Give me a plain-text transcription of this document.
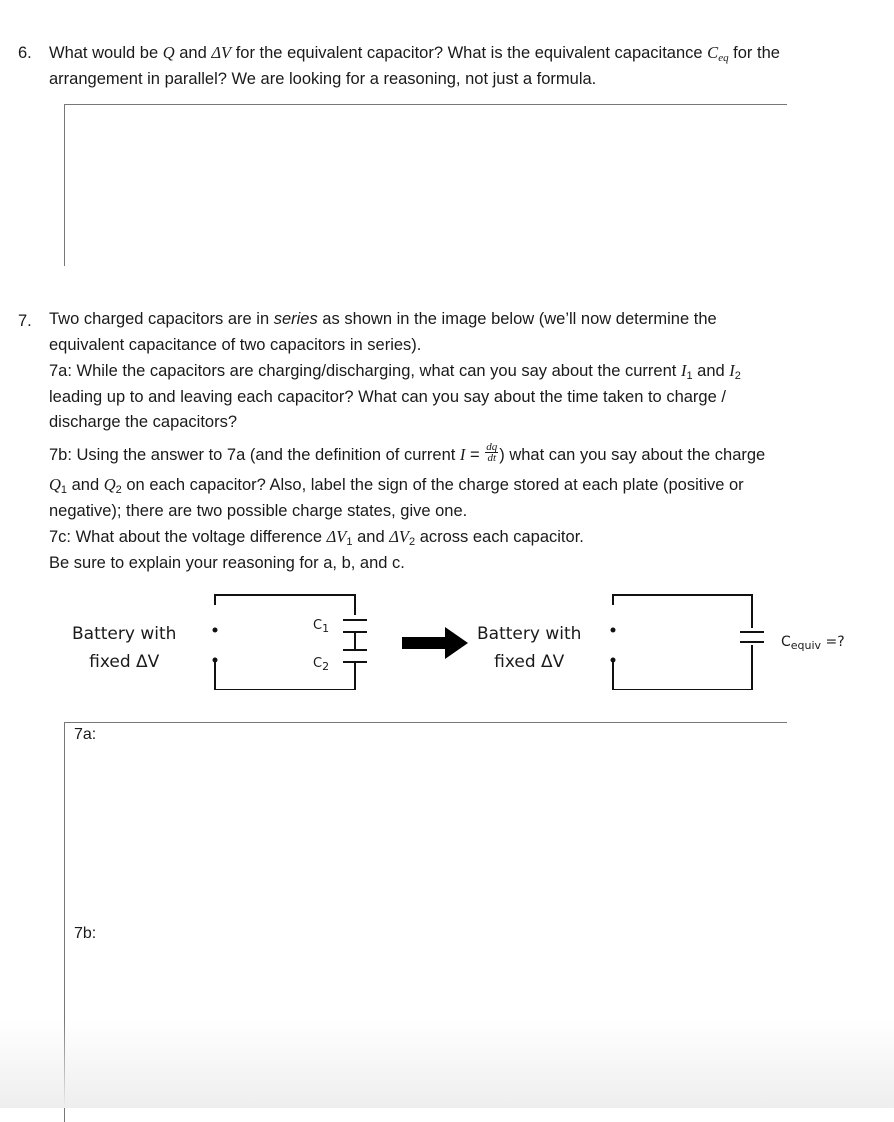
6. What would be Q and ΔV for the equivalent capacitor? What is the equivalent capacitance $C_{eq}$ for the
arrangement in parallel? We are looking for a reasoning, not just a formula.
7. Two charged capacitors are in series as shown in the image below (we’ll now determine the
equivalent capacitance of two capacitors in series).
7a: While the capacitors are charging/discharging, what can you say about the current $I_1$ and $I_2$
leading up to and leaving each capacitor? What can you say about the time taken to charge /
discharge the capacitors?
7b: Using the answer to 7a (and the definition of current $I = \frac{dq}{dt}$ ) what can you say about the charge
$Q_1$ and $Q_2$ on each capacitor? Also, label the sign of the charge stored at each plate (positive or
negative); there are two possible charge states, give one.
7c: What about the voltage difference $\Delta V_1$ and $\Delta V_2$ across each capacitor.
Be sure to explain your reasoning for a, b, and c.
Battery with
fixed ΔV
Battery with
fixed ΔV
$C_1$
$C_2$
$C_{equiv}$ =?
7a:
7b:
